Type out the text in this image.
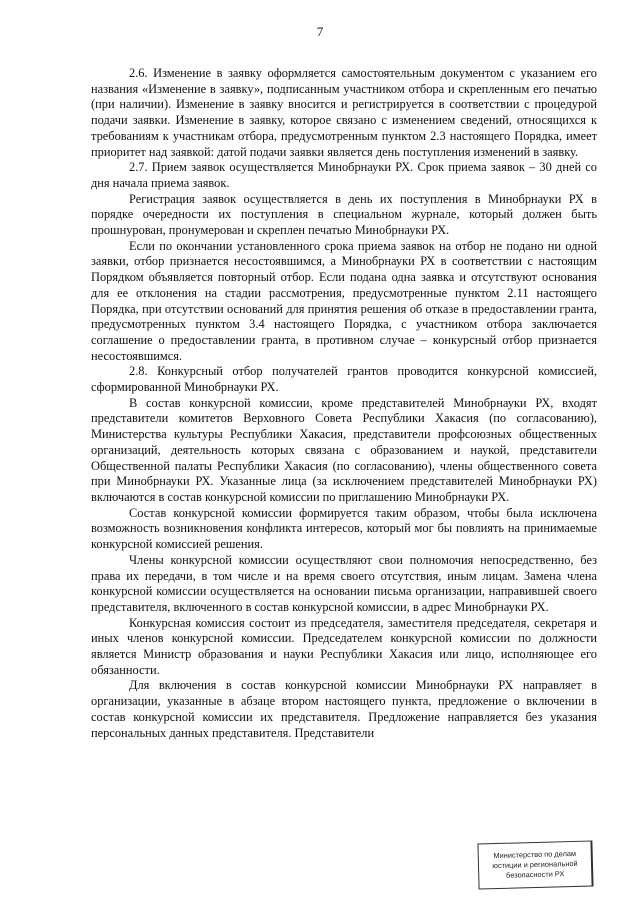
7

2.6. Изменение в заявку оформляется самостоятельным документом с указанием его названия «Изменение в заявку», подписанным участником отбора и скрепленным его печатью (при наличии). Изменение в заявку вносится и регистрируется в соответствии с процедурой подачи заявки. Изменение в заявку, которое связано с изменением сведений, относящихся к требованиям к участникам отбора, предусмотренным пунктом 2.3 настоящего Порядка, имеет приоритет над заявкой: датой подачи заявки является день поступления изменений в заявку.

2.7. Прием заявок осуществляется Минобрнауки РХ. Срок приема заявок – 30 дней со дня начала приема заявок.

Регистрация заявок осуществляется в день их поступления в Минобрнауки РХ в порядке очередности их поступления в специальном журнале, который должен быть прошнурован, пронумерован и скреплен печатью Минобрнауки РХ.

Если по окончании установленного срока приема заявок на отбор не подано ни одной заявки, отбор признается несостоявшимся, а Минобрнауки РХ в соответствии с настоящим Порядком объявляется повторный отбор. Если подана одна заявка и отсутствуют основания для ее отклонения на стадии рассмотрения, предусмотренные пунктом 2.11 настоящего Порядка, при отсутствии оснований для принятия решения об отказе в предоставлении гранта, предусмотренных пунктом 3.4 настоящего Порядка, с участником отбора заключается соглашение о предоставлении гранта, в противном случае – конкурсный отбор признается несостоявшимся.

2.8. Конкурсный отбор получателей грантов проводится конкурсной комиссией, сформированной Минобрнауки РХ.

В состав конкурсной комиссии, кроме представителей Минобрнауки РХ, входят представители комитетов Верховного Совета Республики Хакасия (по согласованию), Министерства культуры Республики Хакасия, представители профсоюзных общественных организаций, деятельность которых связана с образованием и наукой, представители Общественной палаты Республики Хакасия (по согласованию), члены общественного совета при Минобрнауки РХ. Указанные лица (за исключением представителей Минобрнауки РХ) включаются в состав конкурсной комиссии по приглашению Минобрнауки РХ.

Состав конкурсной комиссии формируется таким образом, чтобы была исключена возможность возникновения конфликта интересов, который мог бы повлиять на принимаемые конкурсной комиссией решения.

Члены конкурсной комиссии осуществляют свои полномочия непосредственно, без права их передачи, в том числе и на время своего отсутствия, иным лицам. Замена члена конкурсной комиссии осуществляется на основании письма организации, направившей своего представителя, включенного в состав конкурсной комиссии, в адрес Минобрнауки РХ.

Конкурсная комиссия состоит из председателя, заместителя председателя, секретаря и иных членов конкурсной комиссии. Председателем конкурсной комиссии по должности является Министр образования и науки Республики Хакасия или лицо, исполняющее его обязанности.

Для включения в состав конкурсной комиссии Минобрнауки РХ направляет в организации, указанные в абзаце втором настоящего пункта, предложение о включении в состав конкурсной комиссии их представителя. Предложение направляется без указания персональных данных представителя. Представители

Министерство по делам
юстиции и региональной
безопасности РХ
